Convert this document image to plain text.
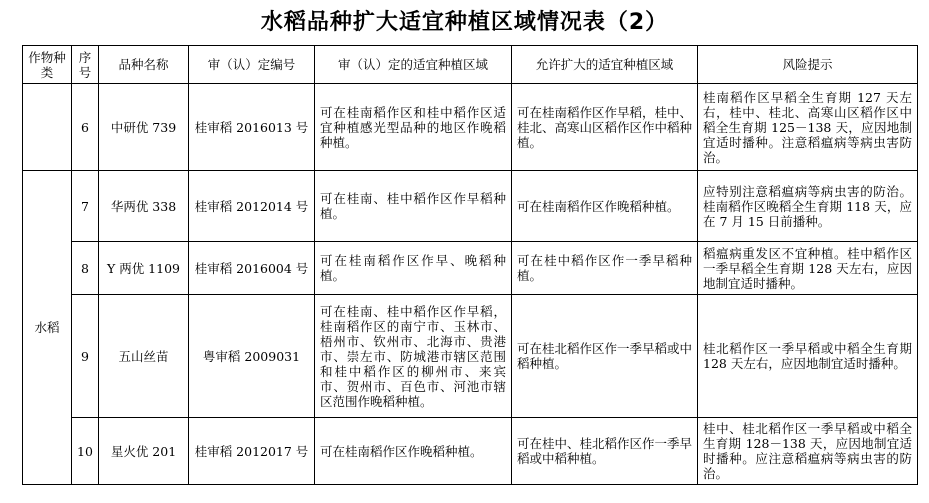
水稻品种扩大适宜种植区域情况表（2）
作物种类	序号	品种名称	审（认）定编号	审（认）定的适宜种植区域	允许扩大的适宜种植区域	风险提示
	6	中研优 739	桂审稻 2016013 号	可在桂南稻作区和桂中稻作区适宜种植感光型品种的地区作晚稻种植。	可在桂南稻作区作早稻，桂中、桂北、高寒山区稻作区作中稻种植。	桂南稻作区早稻全生育期 127 天左右，桂中、桂北、高寒山区稻作区中稻全生育期 125－138 天，应因地制宜适时播种。注意稻瘟病等病虫害防治。
水稻	7	华两优 338	桂审稻 2012014 号	可在桂南、桂中稻作区作早稻种植。	可在桂南稻作区作晚稻种植。	应特别注意稻瘟病等病虫害的防治。桂南稻作区晚稻全生育期 118 天，应在 7 月 15 日前播种。
	8	Y 两优 1109	桂审稻 2016004 号	可在桂南稻作区作早、晚稻种植。	可在桂中稻作区作一季早稻种植。	稻瘟病重发区不宜种植。桂中稻作区一季早稻全生育期 128 天左右，应因地制宜适时播种。
	9	五山丝苗	粤审稻 2009031	可在桂南、桂中稻作区作早稻，桂南稻作区的南宁市、玉林市、梧州市、钦州市、北海市、贵港市、崇左市、防城港市辖区范围和桂中稻作区的柳州市、来宾市、贺州市、百色市、河池市辖区范围作晚稻种植。	可在桂北稻作区作一季早稻或中稻种植。	桂北稻作区一季早稻或中稻全生育期 128 天左右，应因地制宜适时播种。
	10	星火优 201	桂审稻 2012017 号	可在桂南稻作区作晚稻种植。	可在桂中、桂北稻作区作一季早稻或中稻种植。	桂中、桂北稻作区一季早稻或中稻全生育期 128－138 天，应因地制宜适时播种。应注意稻瘟病等病虫害的防治。
